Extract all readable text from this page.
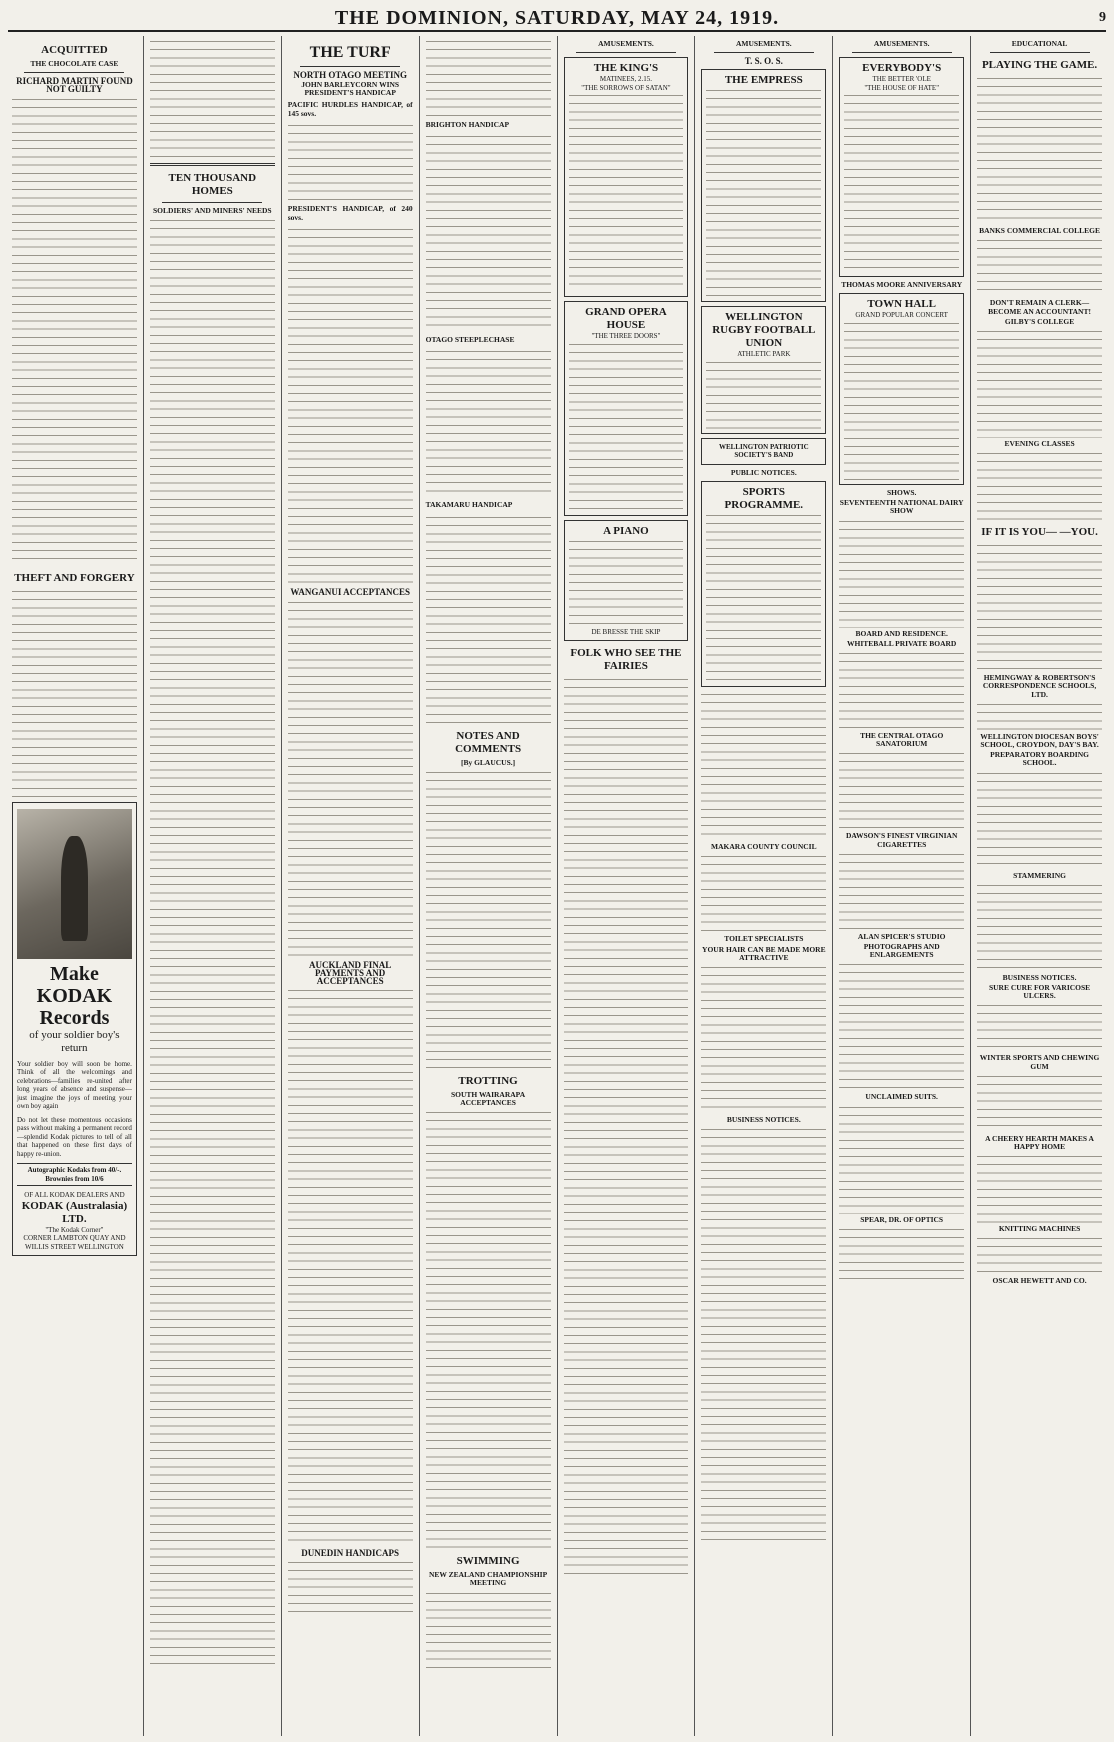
THE DOMINION, SATURDAY, MAY 24, 1919.	9
ACQUITTED
THE CHOCOLATE CASE
RICHARD MARTIN FOUND NOT GUILTY
THEFT AND FORGERY
Make KODAK Records
of your soldier boy's return

Your soldier boy will soon be home. Think of all the welcomings and celebrations—families re-united after long years of absence and suspense—just imagine the joys of meeting your own boy again

Do not let these momentous occasions pass without making a permanent record—splendid Kodak pictures to tell of all that happened on these first days of happy re-union.

Autographic Kodaks from 40/-. Brownies from 10/6

OF ALL KODAK DEALERS AND

KODAK (Australasia) LTD.

"The Kodak Corner"

CORNER LAMBTON QUAY AND WILLIS STREET WELLINGTON

TEN THOUSAND HOMES
SOLDIERS' AND MINERS' NEEDS
THE TURF
NORTH OTAGO MEETING
JOHN BARLEYCORN WINS PRESIDENT'S HANDICAP
PACIFIC HURDLES HANDICAP, of 145 sovs.
PRESIDENT'S HANDICAP, of 240 sovs.
WANGANUI ACCEPTANCES
AUCKLAND FINAL PAYMENTS AND ACCEPTANCES
DUNEDIN HANDICAPS
BRIGHTON HANDICAP
OTAGO STEEPLECHASE
TAKAMARU HANDICAP
NOTES AND COMMENTS
[By GLAUCUS.]
TROTTING
SOUTH WAIRARAPA ACCEPTANCES
SWIMMING
NEW ZEALAND CHAMPIONSHIP MEETING
AMUSEMENTS.
THE KING'S
MATINEES, 2.15.
"THE SORROWS OF SATAN"
GRAND OPERA HOUSE
"THE THREE DOORS"
A PIANO
DE BRESSE THE SKIP
FOLK WHO SEE THE FAIRIES
AMUSEMENTS.
T. S. O. S.
THE EMPRESS
WELLINGTON RUGBY FOOTBALL UNION
ATHLETIC PARK
WELLINGTON PATRIOTIC SOCIETY'S BAND
PUBLIC NOTICES.
SPORTS PROGRAMME.
MAKARA COUNTY COUNCIL
TOILET SPECIALISTS
YOUR HAIR CAN BE MADE MORE ATTRACTIVE
BUSINESS NOTICES.
AMUSEMENTS.
EVERYBODY'S
THE BETTER 'OLE
"THE HOUSE OF HATE"
THOMAS MOORE ANNIVERSARY
TOWN HALL
GRAND POPULAR CONCERT
SHOWS.
SEVENTEENTH NATIONAL DAIRY SHOW
BOARD AND RESIDENCE.
WHITEBALL PRIVATE BOARD
THE CENTRAL OTAGO SANATORIUM
DAWSON'S FINEST VIRGINIAN CIGARETTES
ALAN SPICER'S STUDIO
PHOTOGRAPHS AND ENLARGEMENTS
UNCLAIMED SUITS.
SPEAR, DR. OF OPTICS
EDUCATIONAL
PLAYING THE GAME.
BANKS COMMERCIAL COLLEGE
DON'T REMAIN A CLERK—BECOME AN ACCOUNTANT!
GILBY'S COLLEGE
EVENING CLASSES
IF IT IS YOU— —YOU.
HEMINGWAY & ROBERTSON'S CORRESPONDENCE SCHOOLS, LTD.
WELLINGTON DIOCESAN BOYS' SCHOOL, CROYDON, DAY'S BAY.
PREPARATORY BOARDING SCHOOL.
STAMMERING
BUSINESS NOTICES.
SURE CURE FOR VARICOSE ULCERS.
WINTER SPORTS AND CHEWING GUM
A CHEERY HEARTH MAKES A HAPPY HOME
KNITTING MACHINES
OSCAR HEWETT AND CO.
